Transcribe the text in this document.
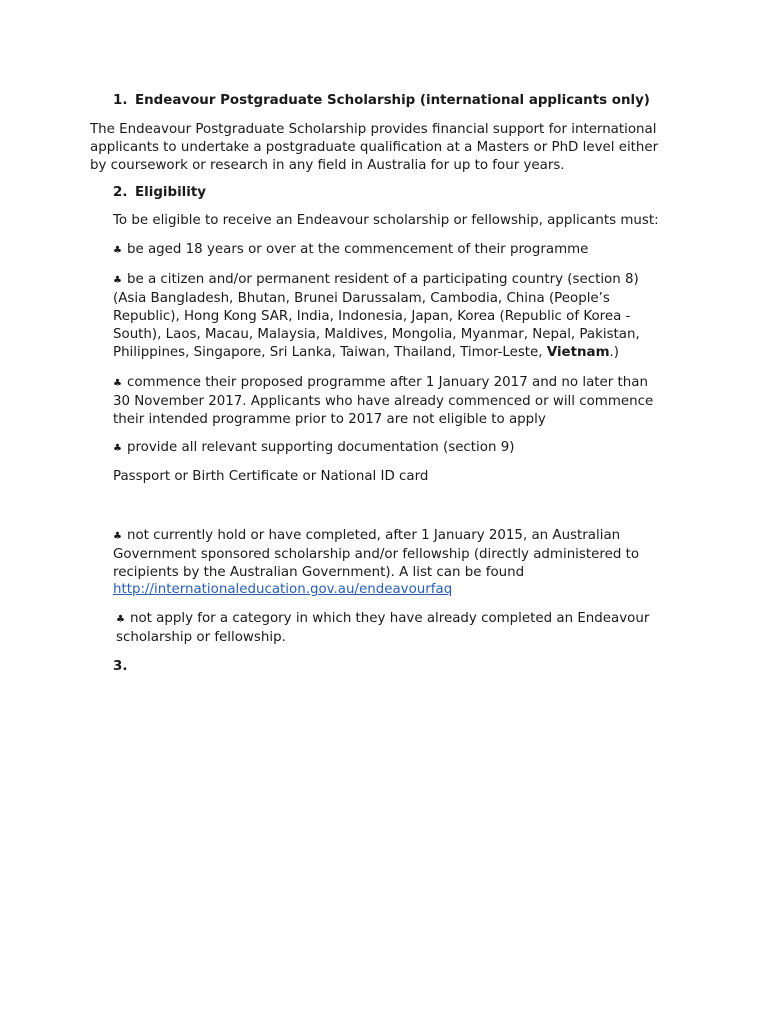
1. Endeavour Postgraduate Scholarship (international applicants only)
The Endeavour Postgraduate Scholarship provides financial support for international
applicants to undertake a postgraduate qualification at a Masters or PhD level either
by coursework or research in any field in Australia for up to four years.
2. Eligibility
To be eligible to receive an Endeavour scholarship or fellowship, applicants must:
♣ be aged 18 years or over at the commencement of their programme
♣ be a citizen and/or permanent resident of a participating country (section 8)
(Asia Bangladesh, Bhutan, Brunei Darussalam, Cambodia, China (People’s
Republic), Hong Kong SAR, India, Indonesia, Japan, Korea (Republic of Korea -
South), Laos, Macau, Malaysia, Maldives, Mongolia, Myanmar, Nepal, Pakistan,
Philippines, Singapore, Sri Lanka, Taiwan, Thailand, Timor-Leste, Vietnam.)
♣ commence their proposed programme after 1 January 2017 and no later than
30 November 2017. Applicants who have already commenced or will commence
their intended programme prior to 2017 are not eligible to apply
♣ provide all relevant supporting documentation (section 9)
Passport or Birth Certificate or National ID card
♣ not currently hold or have completed, after 1 January 2015, an Australian
Government sponsored scholarship and/or fellowship (directly administered to
recipients by the Australian Government). A list can be found
http://internationaleducation.gov.au/endeavourfaq
♣ not apply for a category in which they have already completed an Endeavour
scholarship or fellowship.
3.
